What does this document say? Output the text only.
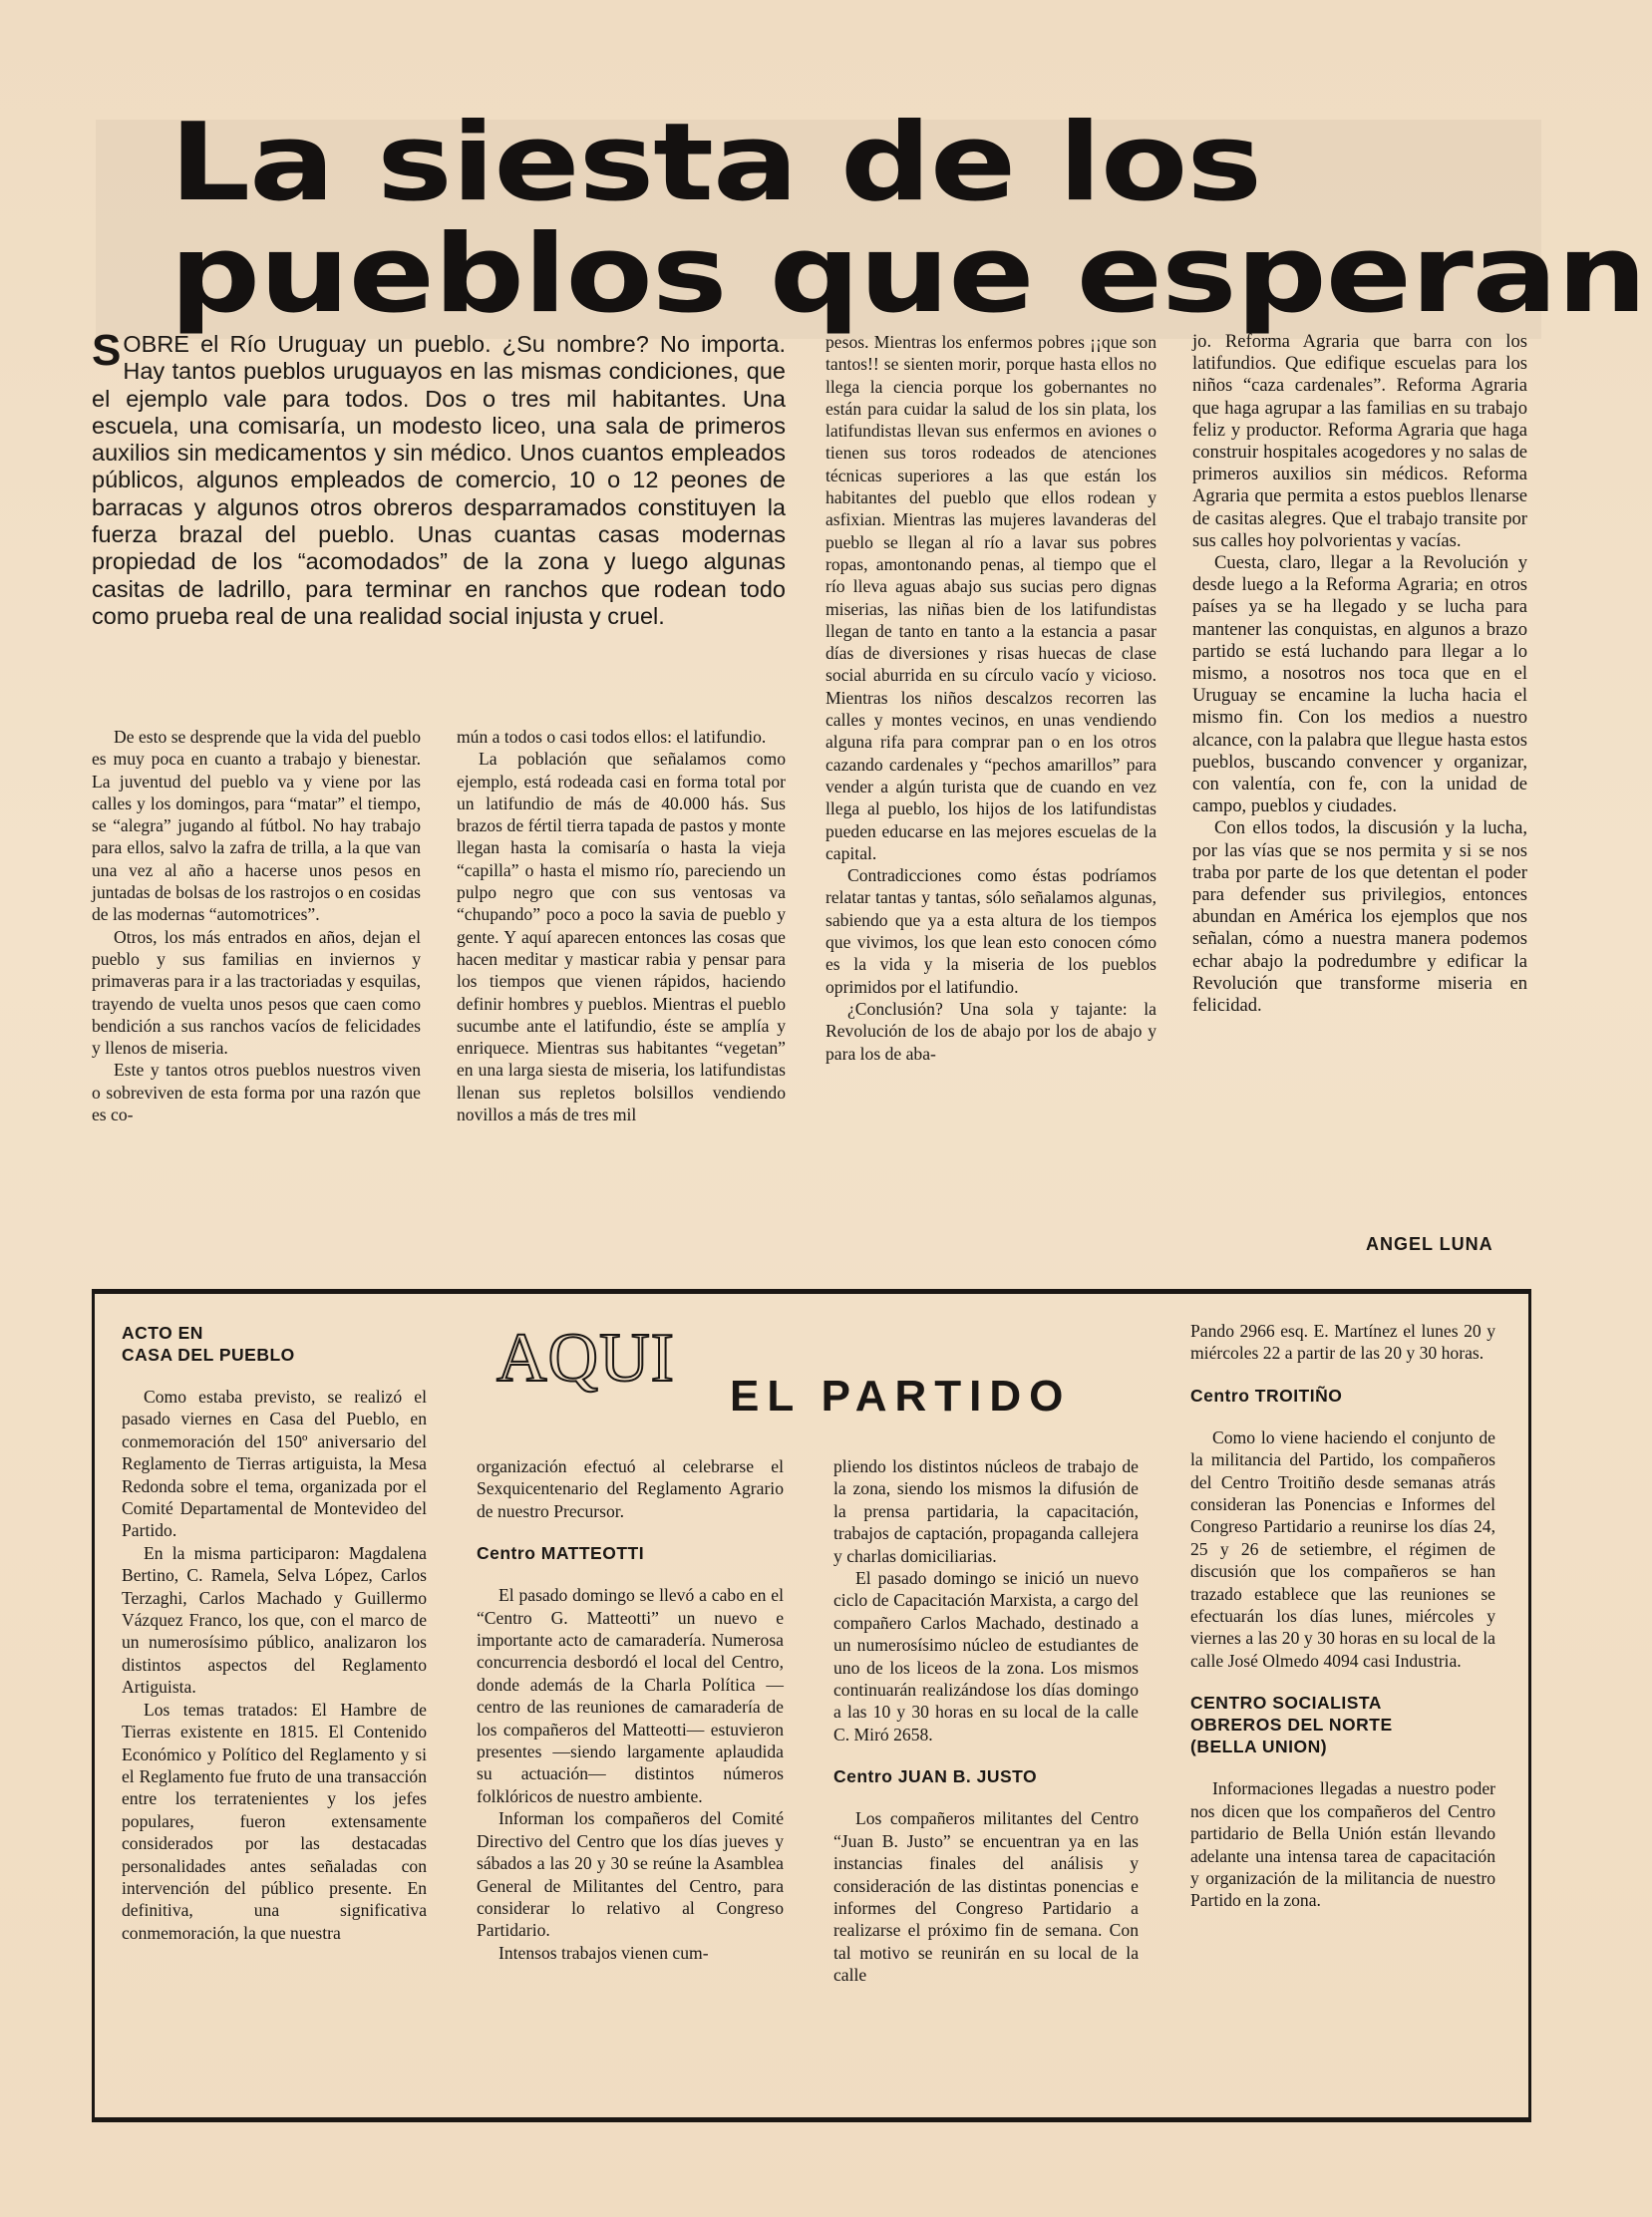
La siesta de los
pueblos que esperan

SOBRE el Río Uruguay un pueblo. ¿Su nombre? No importa. Hay tantos pueblos uruguayos en las mismas condiciones, que el ejemplo vale para todos. Dos o tres mil habitantes. Una escuela, una comisaría, un modesto liceo, una sala de primeros auxilios sin medicamentos y sin médico. Unos cuantos empleados públicos, algunos empleados de comercio, 10 o 12 peones de barracas y algunos otros obreros desparramados constituyen la fuerza brazal del pueblo. Unas cuantas casas modernas propiedad de los “acomodados” de la zona y luego algunas casitas de ladrillo, para terminar en ranchos que rodean todo como prueba real de una realidad social injusta y cruel.

De esto se desprende que la vida del pueblo es muy poca en cuanto a trabajo y bienestar. La juventud del pueblo va y viene por las calles y los domingos, para “matar” el tiempo, se “alegra” jugando al fútbol. No hay trabajo para ellos, salvo la zafra de trilla, a la que van una vez al año a hacerse unos pesos en juntadas de bolsas de los rastrojos o en cosidas de las modernas “automotrices”.

Otros, los más entrados en años, dejan el pueblo y sus familias en inviernos y primaveras para ir a las tractoriadas y esquilas, trayendo de vuelta unos pesos que caen como bendición a sus ranchos vacíos de felicidades y llenos de miseria.

Este y tantos otros pueblos nuestros viven o sobreviven de esta forma por una razón que es co-

mún a todos o casi todos ellos: el latifundio.

La población que señalamos como ejemplo, está rodeada casi en forma total por un latifundio de más de 40.000 hás. Sus brazos de fértil tierra tapada de pastos y monte llegan hasta la comisaría o hasta la vieja “capilla” o hasta el mismo río, pareciendo un pulpo negro que con sus ventosas va “chupando” poco a poco la savia de pueblo y gente. Y aquí aparecen entonces las cosas que hacen meditar y masticar rabia y pensar para los tiempos que vienen rápidos, haciendo definir hombres y pueblos. Mientras el pueblo sucumbe ante el latifundio, éste se amplía y enriquece. Mientras sus habitantes “vegetan” en una larga siesta de miseria, los latifundistas llenan sus repletos bolsillos vendiendo novillos a más de tres mil

pesos. Mientras los enfermos pobres ¡¡que son tantos!! se sienten morir, porque hasta ellos no llega la ciencia porque los gobernantes no están para cuidar la salud de los sin plata, los latifundistas llevan sus enfermos en aviones o tienen sus toros rodeados de atenciones técnicas superiores a las que están los habitantes del pueblo que ellos rodean y asfixian. Mientras las mujeres lavanderas del pueblo se llegan al río a lavar sus pobres ropas, amontonando penas, al tiempo que el río lleva aguas abajo sus sucias pero dignas miserias, las niñas bien de los latifundistas llegan de tanto en tanto a la estancia a pasar días de diversiones y risas huecas de clase social aburrida en su círculo vacío y vicioso. Mientras los niños descalzos recorren las calles y montes vecinos, en unas vendiendo alguna rifa para comprar pan o en los otros cazando cardenales y “pechos amarillos” para vender a algún turista que de cuando en vez llega al pueblo, los hijos de los latifundistas pueden educarse en las mejores escuelas de la capital.

Contradicciones como éstas podríamos relatar tantas y tantas, sólo señalamos algunas, sabiendo que ya a esta altura de los tiempos que vivimos, los que lean esto conocen cómo es la vida y la miseria de los pueblos oprimidos por el latifundio.

¿Conclusión? Una sola y tajante: la Revolución de los de abajo por los de abajo y para los de aba-

jo. Reforma Agraria que barra con los latifundios. Que edifique escuelas para los niños “caza cardenales”. Reforma Agraria que haga agrupar a las familias en su trabajo feliz y productor. Reforma Agraria que haga construir hospitales acogedores y no salas de primeros auxilios sin médicos. Reforma Agraria que permita a estos pueblos llenarse de casitas alegres. Que el trabajo transite por sus calles hoy polvorientas y vacías.

Cuesta, claro, llegar a la Revolución y desde luego a la Reforma Agraria; en otros países ya se ha llegado y se lucha para mantener las conquistas, en algunos a brazo partido se está luchando para llegar a lo mismo, a nosotros nos toca que en el Uruguay se encamine la lucha hacia el mismo fin. Con los medios a nuestro alcance, con la palabra que llegue hasta estos pueblos, buscando convencer y organizar, con valentía, con fe, con la unidad de campo, pueblos y ciudades.

Con ellos todos, la discusión y la lucha, por las vías que se nos permita y si se nos traba por parte de los que detentan el poder para defender sus privilegios, entonces abundan en América los ejemplos que nos señalan, cómo a nuestra manera podemos echar abajo la podredumbre y edificar la Revolución que transforme miseria en felicidad.

ANGEL LUNA
AQUI EL PARTIDO

ACTO EN
CASA DEL PUEBLO

Como estaba previsto, se realizó el pasado viernes en Casa del Pueblo, en conmemoración del 150º aniversario del Reglamento de Tierras artiguista, la Mesa Redonda sobre el tema, organizada por el Comité Departamental de Montevideo del Partido.

En la misma participaron: Magdalena Bertino, C. Ramela, Selva López, Carlos Terzaghi, Carlos Machado y Guillermo Vázquez Franco, los que, con el marco de un numerosísimo público, analizaron los distintos aspectos del Reglamento Artiguista.

Los temas tratados: El Hambre de Tierras existente en 1815. El Contenido Económico y Político del Reglamento y si el Reglamento fue fruto de una transacción entre los terratenientes y los jefes populares, fueron extensamente considerados por las destacadas personalidades antes señaladas con intervención del público presente. En definitiva, una significativa conmemoración, la que nuestra

organización efectuó al celebrarse el Sexquicentenario del Reglamento Agrario de nuestro Precursor.

Centro MATTEOTTI

El pasado domingo se llevó a cabo en el “Centro G. Matteotti” un nuevo e importante acto de camaradería. Numerosa concurrencia desbordó el local del Centro, donde además de la Charla Política —centro de las reuniones de camaradería de los compañeros del Matteotti— estuvieron presentes —siendo largamente aplaudida su actuación— distintos números folklóricos de nuestro ambiente.

Informan los compañeros del Comité Directivo del Centro que los días jueves y sábados a las 20 y 30 se reúne la Asamblea General de Militantes del Centro, para considerar lo relativo al Congreso Partidario.

Intensos trabajos vienen cum-

pliendo los distintos núcleos de trabajo de la zona, siendo los mismos la difusión de la prensa partidaria, la capacitación, trabajos de captación, propaganda callejera y charlas domiciliarias.

El pasado domingo se inició un nuevo ciclo de Capacitación Marxista, a cargo del compañero Carlos Machado, destinado a un numerosísimo núcleo de estudiantes de uno de los liceos de la zona. Los mismos continuarán realizándose los días domingo a las 10 y 30 horas en su local de la calle C. Miró 2658.

Centro JUAN B. JUSTO

Los compañeros militantes del Centro “Juan B. Justo” se encuentran ya en las instancias finales del análisis y consideración de las distintas ponencias e informes del Congreso Partidario a realizarse el próximo fin de semana. Con tal motivo se reunirán en su local de la calle

Pando 2966 esq. E. Martínez el lunes 20 y miércoles 22 a partir de las 20 y 30 horas.

Centro TROITIÑO

Como lo viene haciendo el conjunto de la militancia del Partido, los compañeros del Centro Troitiño desde semanas atrás consideran las Ponencias e Informes del Congreso Partidario a reunirse los días 24, 25 y 26 de setiembre, el régimen de discusión que los compañeros se han trazado establece que las reuniones se efectuarán los días lunes, miércoles y viernes a las 20 y 30 horas en su local de la calle José Olmedo 4094 casi Industria.

CENTRO SOCIALISTA
OBREROS DEL NORTE
(BELLA UNION)

Informaciones llegadas a nuestro poder nos dicen que los compañeros del Centro partidario de Bella Unión están llevando adelante una intensa tarea de capacitación y organización de la militancia de nuestro Partido en la zona.
